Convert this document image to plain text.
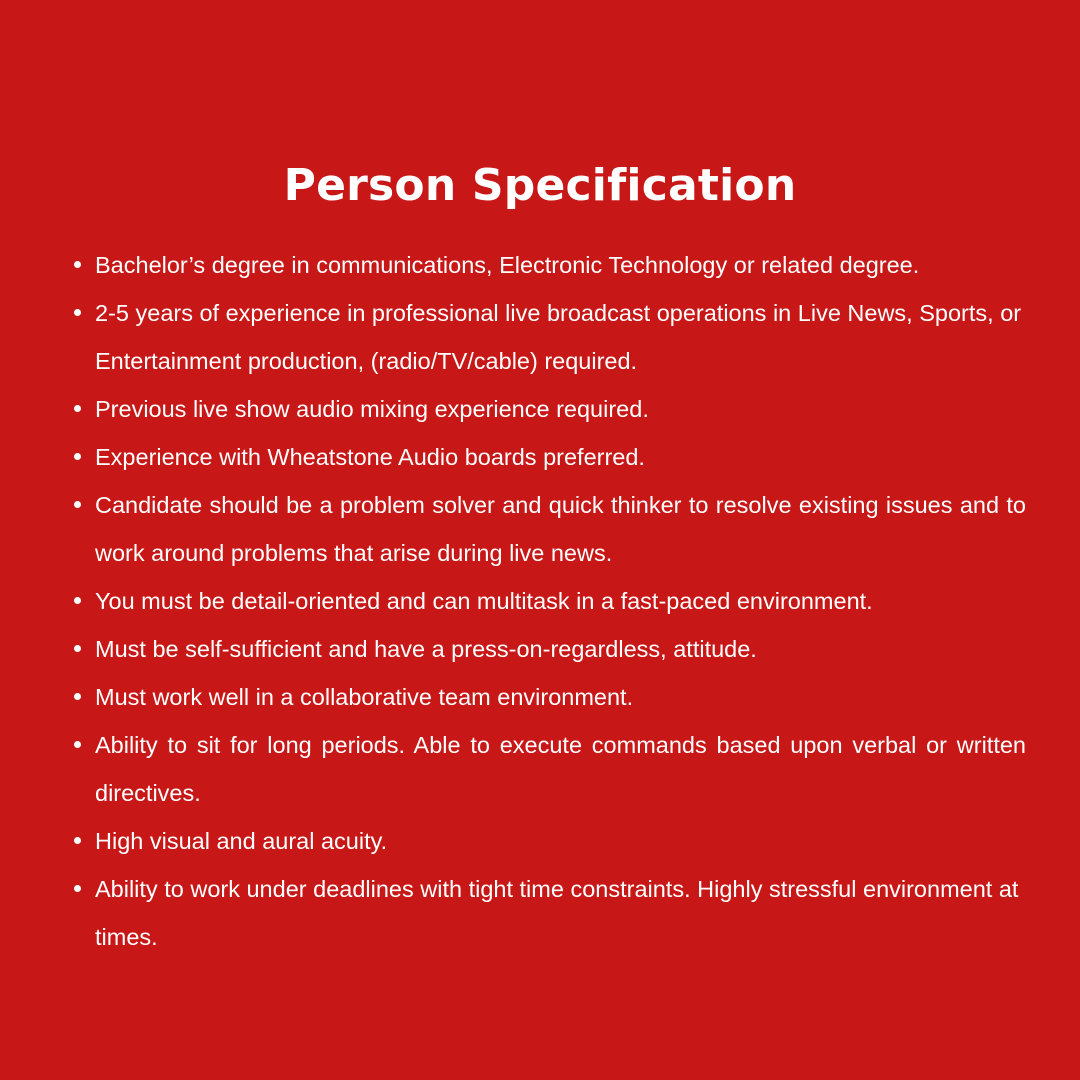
Person Specification
Bachelor’s degree in communications, Electronic Technology or related degree.
2-5 years of experience in professional live broadcast operations in Live News, Sports, or Entertainment production, (radio/TV/cable) required.
Previous live show audio mixing experience required.
Experience with Wheatstone Audio boards preferred.
Candidate should be a problem solver and quick thinker to resolve existing issues and to work around problems that arise during live news.
You must be detail-oriented and can multitask in a fast-paced environment.
Must be self-sufficient and have a press-on-regardless, attitude.
Must work well in a collaborative team environment.
Ability to sit for long periods. Able to execute commands based upon verbal or written directives.
High visual and aural acuity.
Ability to work under deadlines with tight time constraints. Highly stressful environment at times.
